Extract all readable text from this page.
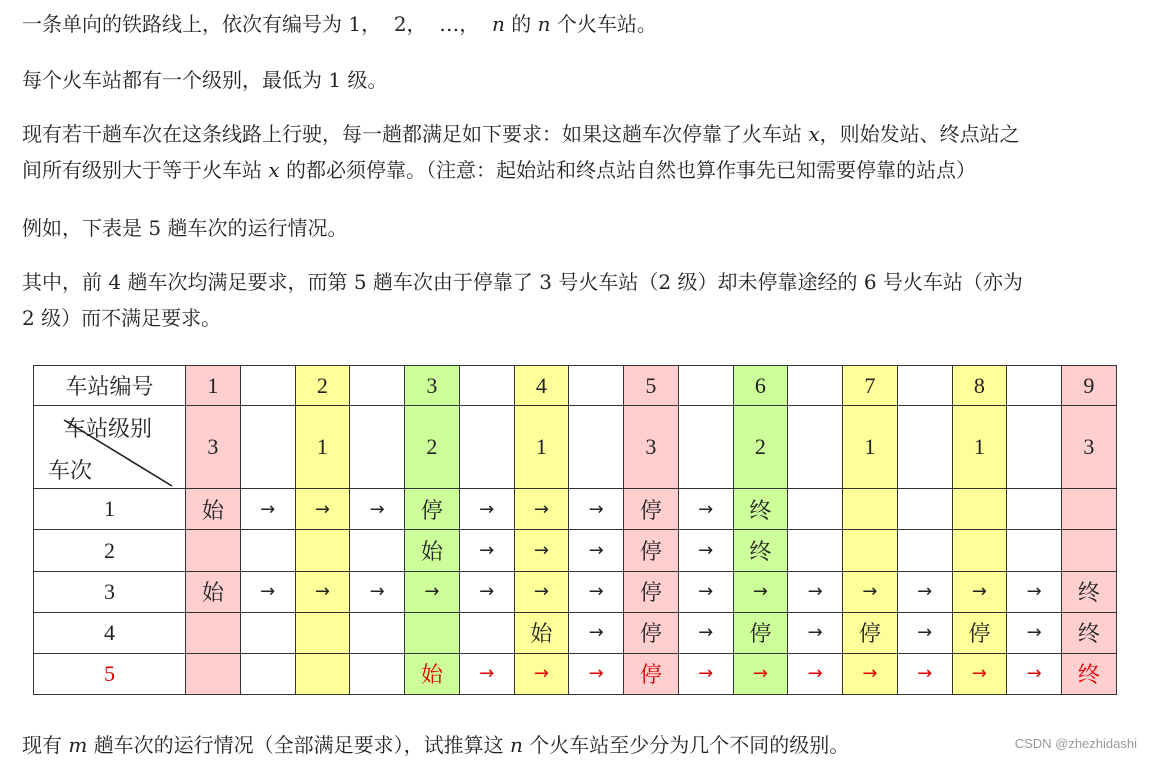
一条单向的铁路线上，依次有编号为 1， 2， …， n 的 n 个火车站。
每个火车站都有一个级别，最低为 1 级。
现有若干趟车次在这条线路上行驶，每一趟都满足如下要求：如果这趟车次停靠了火车站 x，则始发站、终点站之
间所有级别大于等于火车站 x 的都必须停靠。（注意：起始站和终点站自然也算作事先已知需要停靠的站点）
例如，下表是 5 趟车次的运行情况。
其中，前 4 趟车次均满足要求，而第 5 趟车次由于停靠了 3 号火车站（2 级）却未停靠途经的 6 号火车站（亦为
2 级）而不满足要求。
车站编号	1		2		3		4		5		6		7		8		9

车站级别
车次	3		1		2		1		3		2		1		1		3
1	始	→	→	→	停	→	→	→	停	→	终						
2					始	→	→	→	停	→	终						
3	始	→	→	→	→	→	→	→	停	→	→	→	→	→	→	→	终
4							始	→	停	→	停	→	停	→	停	→	终
5					始	→	→	→	停	→	→	→	→	→	→	→	终
现有 m 趟车次的运行情况（全部满足要求），试推算这 n 个火车站至少分为几个不同的级别。	CSDN @zhezhidashi
